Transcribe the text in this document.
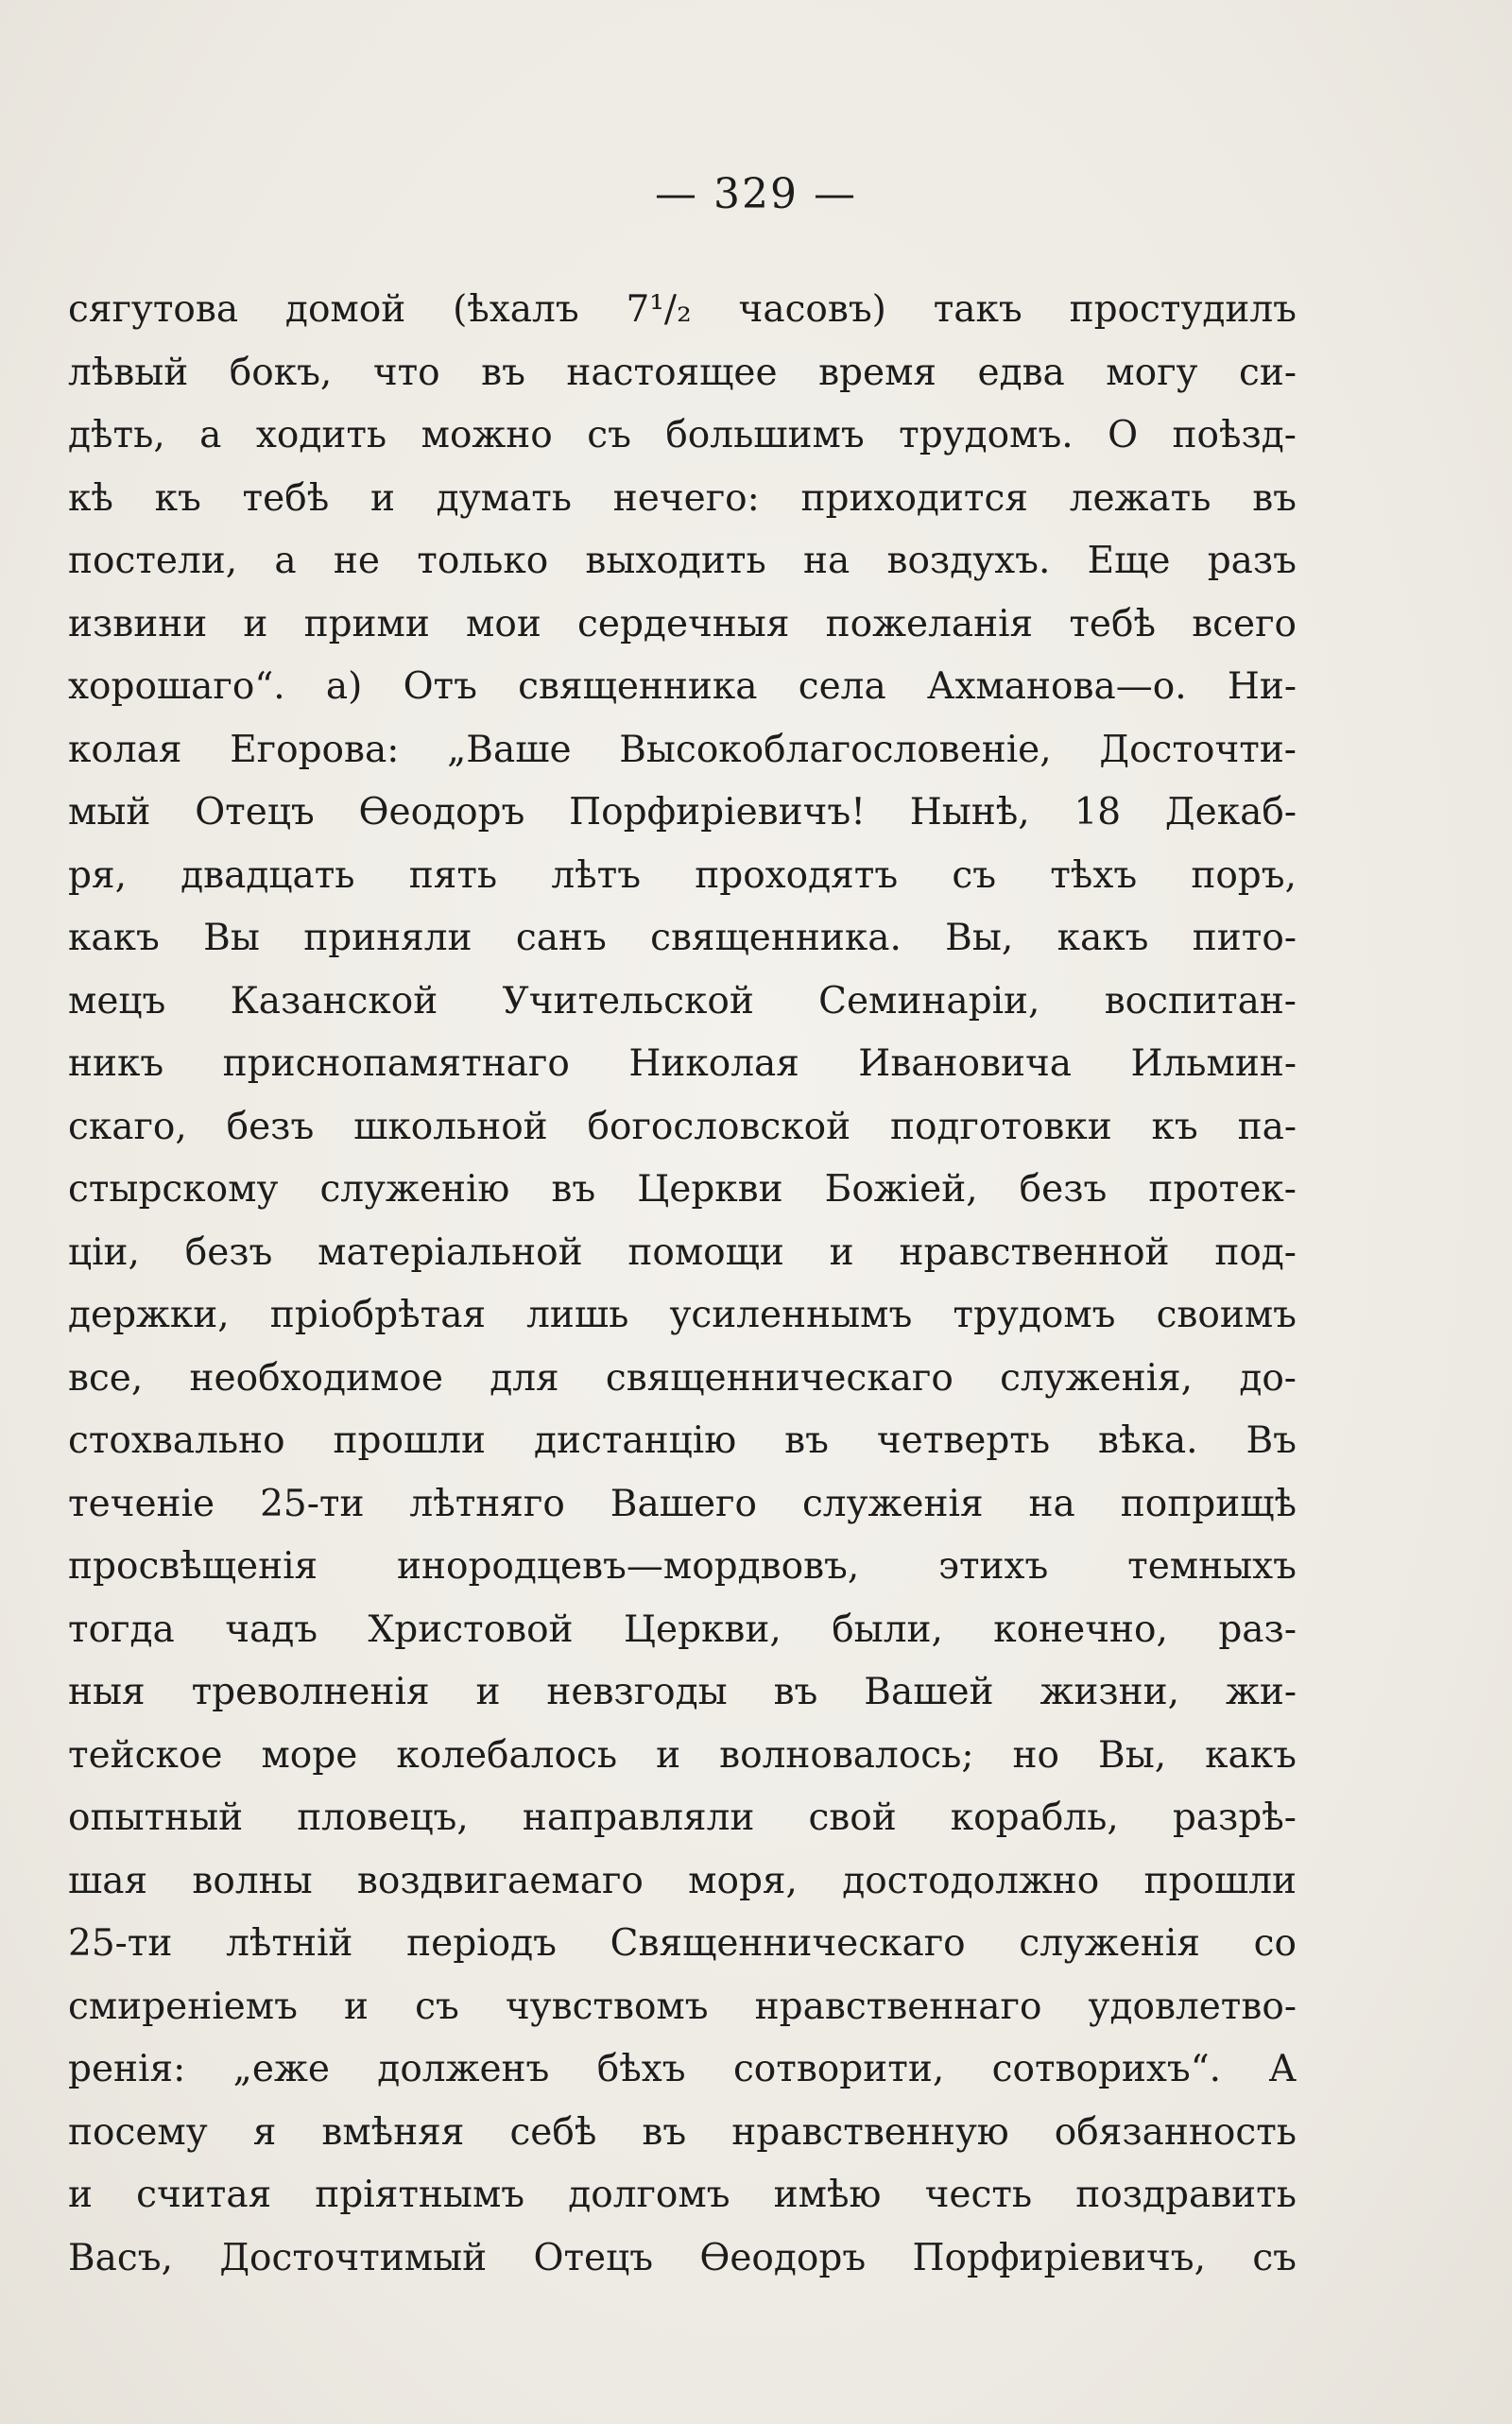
— 329 —
сягутова домой (ѣхалъ 7¹/₂ часовъ) такъ простудилъ
лѣвый бокъ, что въ настоящее время едва могу си-
дѣть, а ходить можно съ большимъ трудомъ. О поѣзд-
кѣ къ тебѣ и думать нечего: приходится лежать въ
постели, а не только выходить на воздухъ. Еще разъ
извини и прими мои сердечныя пожеланія тебѣ всего
хорошаго“. а) Отъ священника села Ахманова—о. Ни-
колая Егорова: „Ваше Высокоблагословеніе, Досточти-
мый Отецъ Ѳеодоръ Порфиріевичъ! Нынѣ, 18 Декаб-
ря, двадцать пять лѣтъ проходятъ съ тѣхъ поръ,
какъ Вы приняли санъ священника. Вы, какъ пито-
мецъ Казанской Учительской Семинаріи, воспитан-
никъ приснопамятнаго Николая Ивановича Ильмин-
скаго, безъ школьной богословской подготовки къ па-
стырскому служенію въ Церкви Божіей, безъ протек-
ціи, безъ матеріальной помощи и нравственной под-
держки, пріобрѣтая лишь усиленнымъ трудомъ своимъ
все, необходимое для священническаго служенія, до-
стохвально прошли дистанцію въ четверть вѣка. Въ
теченіе 25-ти лѣтняго Вашего служенія на поприщѣ
просвѣщенія инородцевъ—мордвовъ, этихъ темныхъ
тогда чадъ Христовой Церкви, были, конечно, раз-
ныя треволненія и невзгоды въ Вашей жизни, жи-
тейское море колебалось и волновалось; но Вы, какъ
опытный пловецъ, направляли свой корабль, разрѣ-
шая волны воздвигаемаго моря, достодолжно прошли
25-ти лѣтній періодъ Священническаго служенія со
смиреніемъ и съ чувствомъ нравственнаго удовлетво-
ренія: „еже долженъ бѣхъ сотворити, сотворихъ“. А
посему я вмѣняя себѣ въ нравственную обязанность
и считая пріятнымъ долгомъ имѣю честь поздравить
Васъ, Досточтимый Отецъ Ѳеодоръ Порфиріевичъ, съ
